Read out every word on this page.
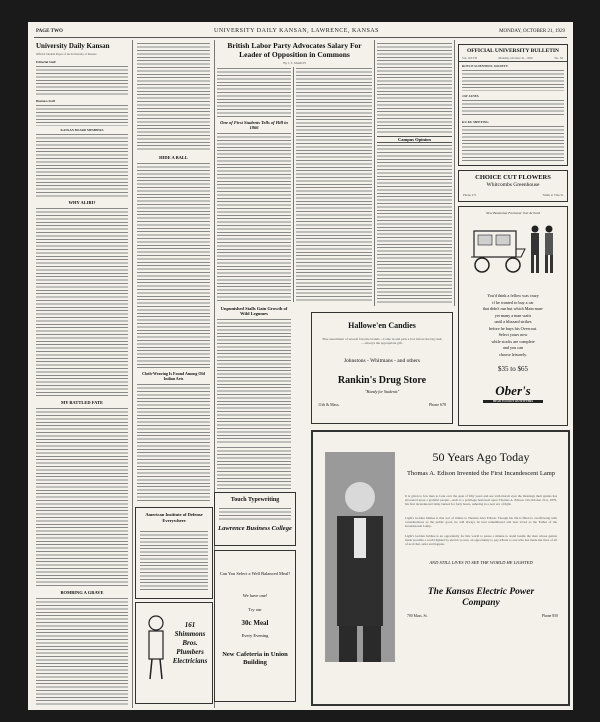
PAGE TWO	UNIVERSITY DAILY KANSAN, LAWRENCE, KANSAS	MONDAY, OCTOBER 21, 1929
University Daily Kansan
Official Student Paper of the University of Kansas
Editorial Staff
Business Staff
KANSAN BOARD MEMBERS
WHY ALIBI?
MY BATTLED FATE
BOMBING A GRAVE
HIDE A BALL
Cloth-Weaving Is Found Among Old Indian Arts
British Labor Party Advocates Salary For Leader of Opposition in Commons
By J. T. MARCH
One of First Students Tells of Hill in 1866
Campus Opinion
Unpunished Stalls Gain Growth of Wild Legumes
OFFICIAL UNIVERSITY BULLETIN
Vol. XXVII	Monday, October 21, 1929	No. 36
ROYCE SCIENTIFIC SOCIETY
JAY JANES
KU KU MEETING
CHOICE CUT FLOWERS
Whitcombs Greenhouse
Phone 271	Ninth at Vine St.
New Bostonian Footwear Just Arrived
You'd think a fellow was crazy
if he wanted to buy a car
that didn't run but which Main man-
yet many a man waits
until a blizzard strikes
before he buys his Overcoat.
Select yours now
while stocks are complete
and you can
choose leisurely.
$35 to $65
Ober's
HEAD TO FOOT OUTFITTERS
Hallowe'en Candies
Fine assortment of several favorite brands—Come in and pick a box before the big rush—Always the appropriate gift.
Johnstons - Whitmans - and others
Rankin's Drug Store
"Handy for Students"
11th & Mass.	Phone 678
Touch Typewriting
Lawrence Business College
Can You Select a Well Balanced Meal?
We have one!
Try our
30c Meal
Every Evening
New Cafeteria in Union Building
American Institute of Defense Everywhere
161 Shimmons Bros. Plumbers Electricians
50 Years Ago Today
Thomas A. Edison Invented the First Incandescent Lamp
It is given to few men to look over the span of fifty years and see with mortal eyes the blessings their genius has showered upon a grateful people—such is a privilege bestowed upon Thomas A. Edison. On October 21st, 1879, his first incandescent lamp burned for forty hours, ushering in a new era of light.
Light's Golden Jubilee is that sort of tribute to Thomas Alva Edison. Though his life is filled to overflowing with considerations as the public good, he will always be best remembered and best loved as the Father of the Incandescent Lamp.
Light's Golden Jubilee is an opportunity for this world to pause a minute to stand beside the man whose genius made possible a world lighted by electric power, an opportunity to pay tribute to one who has made the lives of all of us richer, safer and happier.
AND STILL LIVES TO SEE THE WORLD HE LIGHTED
The Kansas Electric Power Company
700 Mass. St.	Phone 850
